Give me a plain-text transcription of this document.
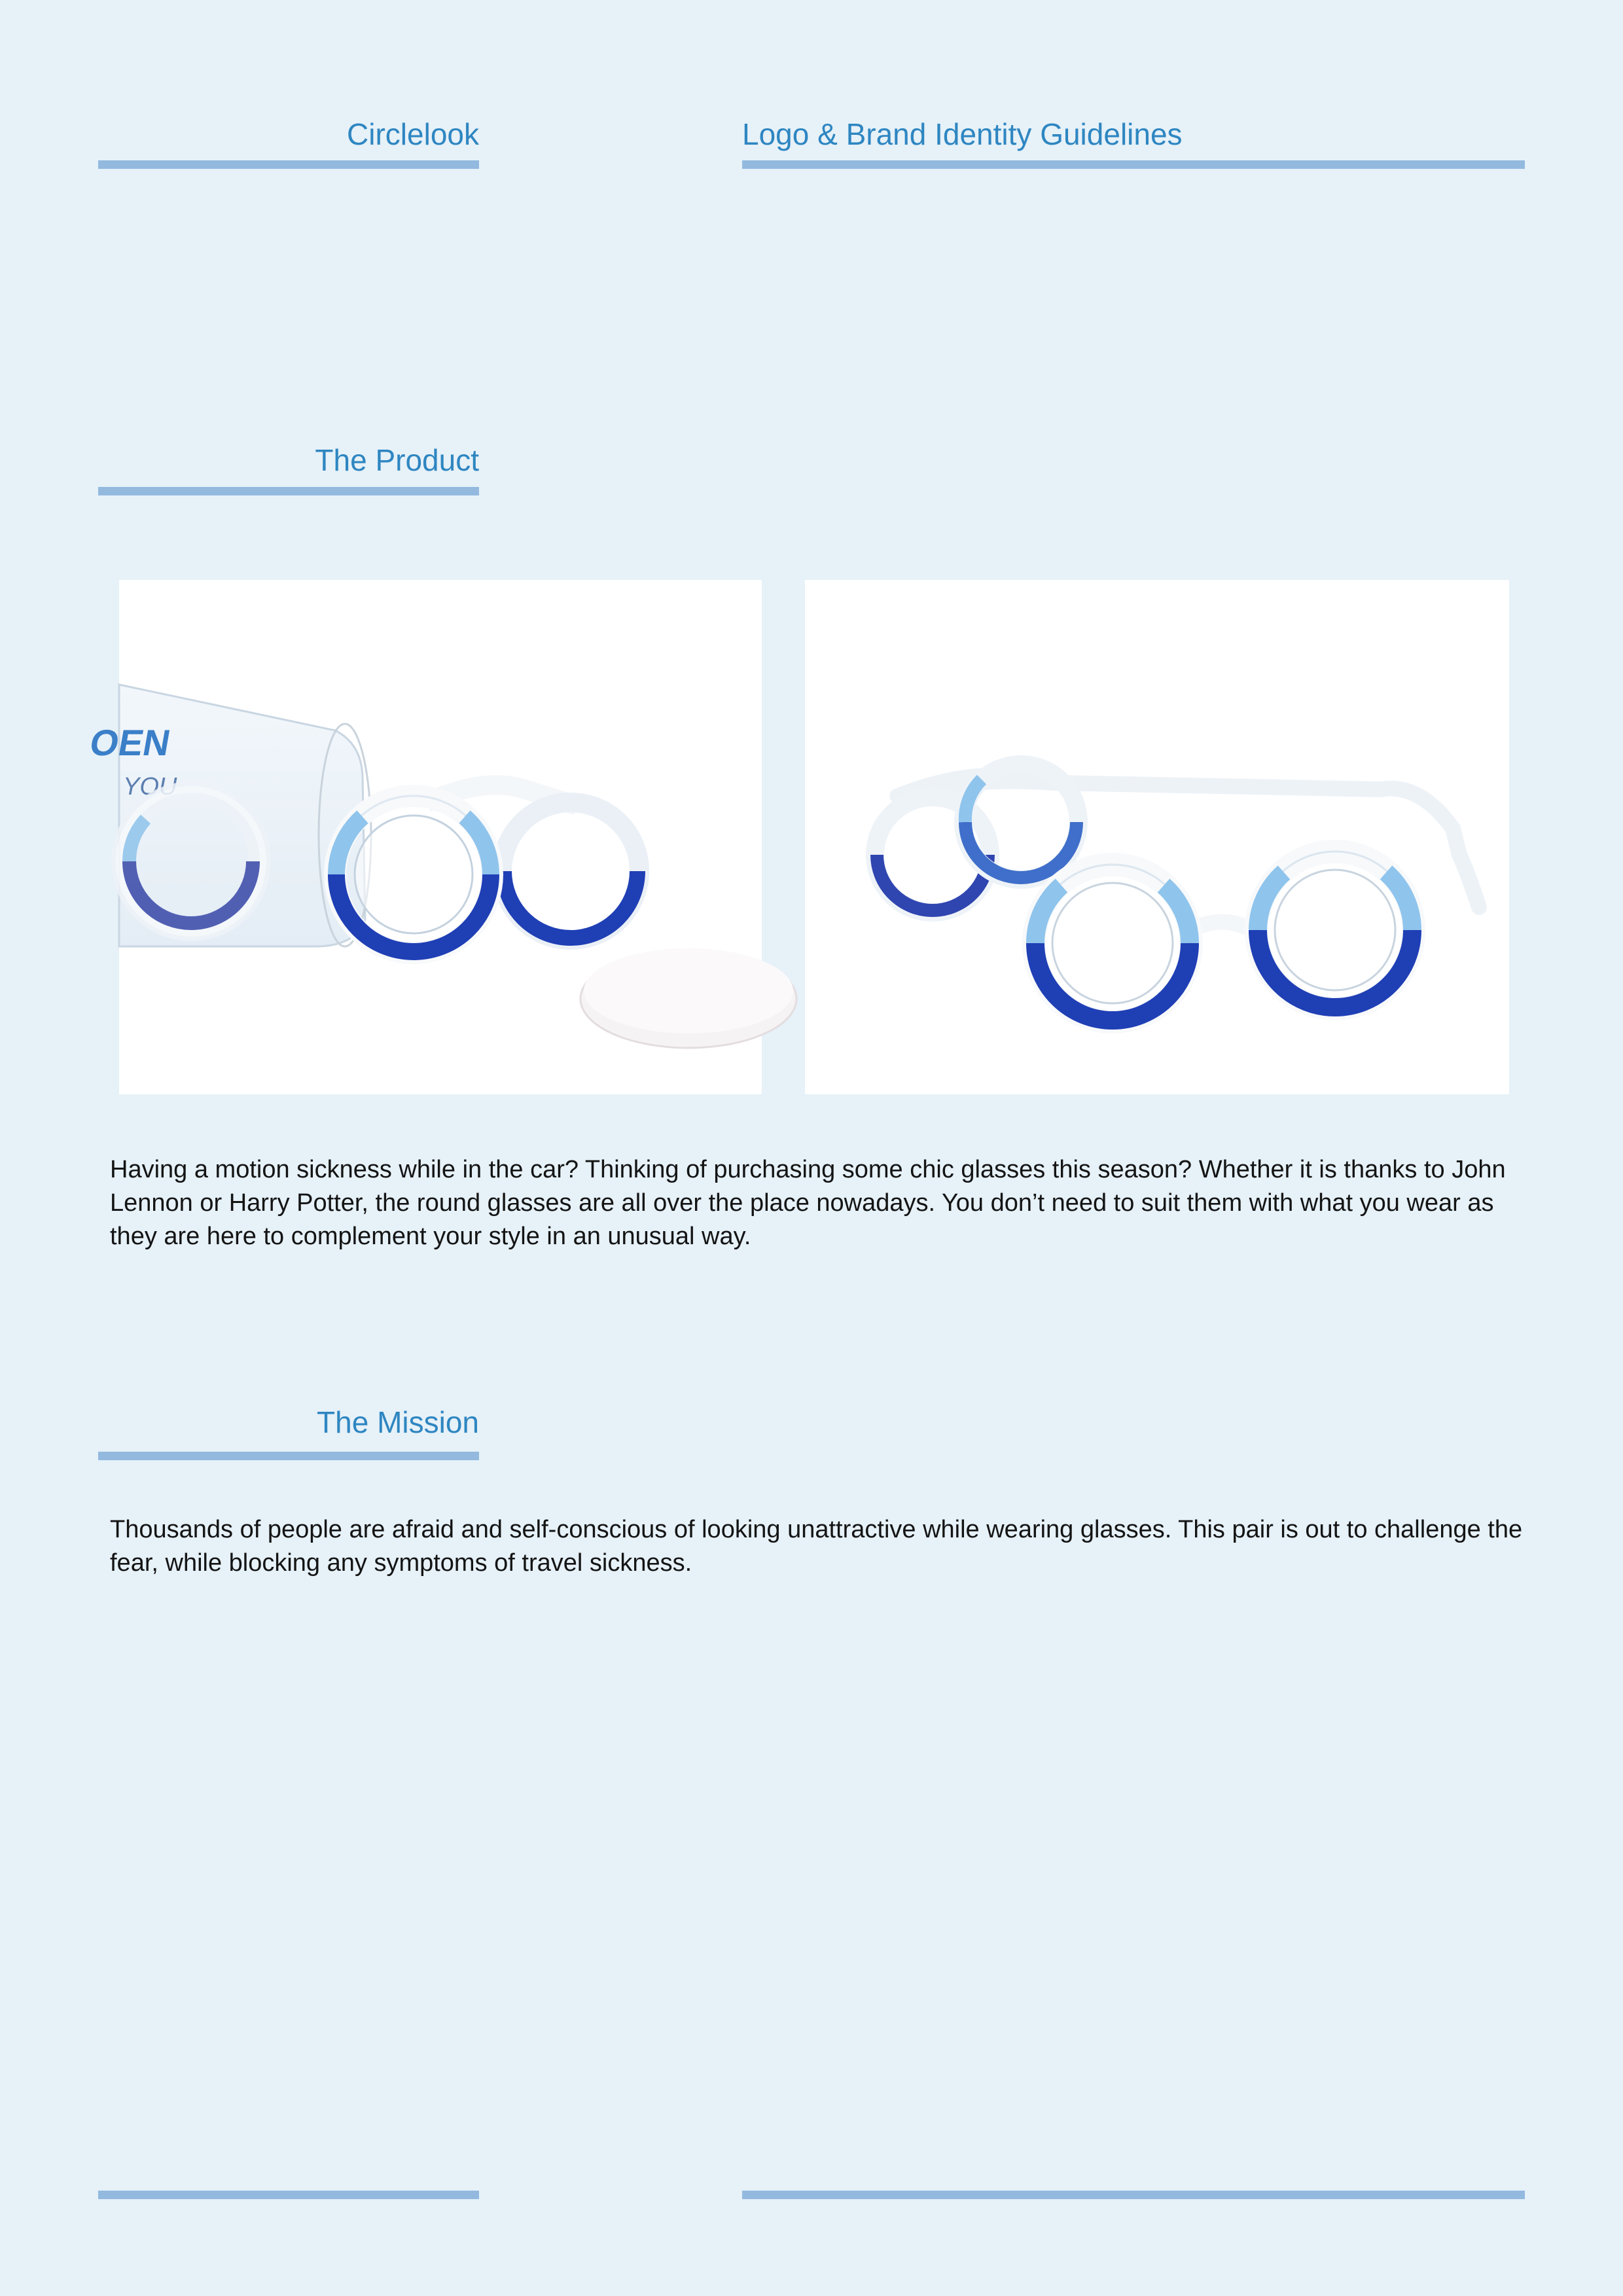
Circlelook	Logo & Brand Identity Guidelines
The Product
OEN
YOU

Having a motion sickness while in the car? Thinking of purchasing some chic glasses this season? Whether it is thanks to John Lennon or Harry Potter, the round glasses are all over the place nowadays. You don’t need to suit them with what you wear as they are here to complement your style in an unusual way.

The Mission

Thousands of people are afraid and self-conscious of looking unattractive while wearing glasses. This pair is out to challenge the fear, while blocking any symptoms of travel sickness.
